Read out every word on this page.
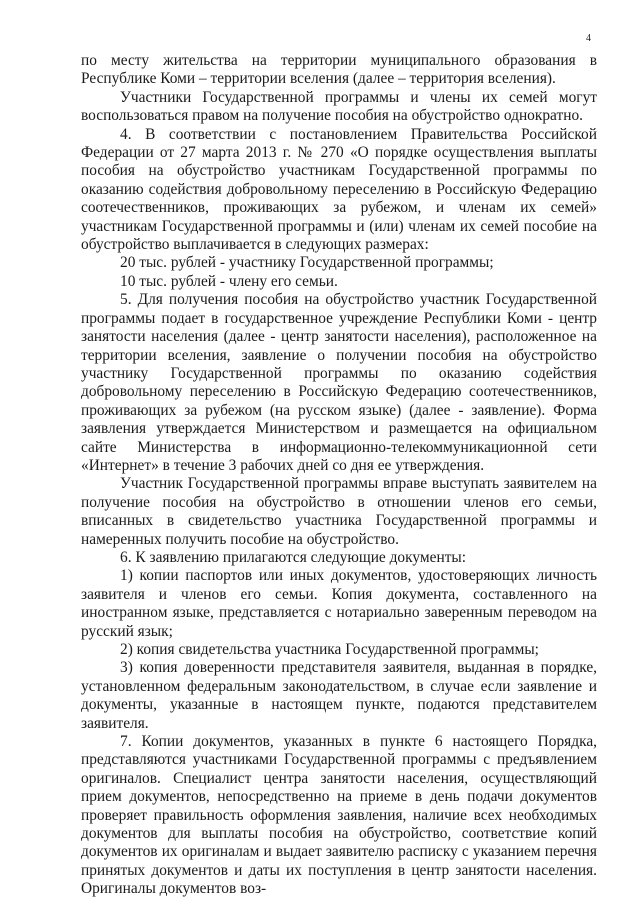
4

по месту жительства на территории муниципального образования в Республике Коми – территории вселения (далее – территория вселения).

Участники Государственной программы и члены их семей могут воспользоваться правом на получение пособия на обустройство однократно.

4. В соответствии с постановлением Правительства Российской Федерации от 27 марта 2013 г. № 270 «О порядке осуществления выплаты пособия на обустройство участникам Государственной программы по оказанию содействия добровольному переселению в Российскую Федерацию соотечественников, проживающих за рубежом, и членам их семей» участникам Государственной программы и (или) членам их семей пособие на обустройство выплачивается в следующих размерах:

20 тыс. рублей - участнику Государственной программы;

10 тыс. рублей - члену его семьи.

5. Для получения пособия на обустройство участник Государственной программы подает в государственное учреждение Республики Коми - центр занятости населения (далее - центр занятости населения), расположенное на территории вселения, заявление о получении пособия на обустройство участнику Государственной программы по оказанию содействия добровольному переселению в Российскую Федерацию соотечественников, проживающих за рубежом (на русском языке) (далее - заявление). Форма заявления утверждается Министерством и размещается на официальном сайте Министерства в информационно-телекоммуникационной сети «Интернет» в течение 3 рабочих дней со дня ее утверждения.

Участник Государственной программы вправе выступать заявителем на получение пособия на обустройство в отношении членов его семьи, вписанных в свидетельство участника Государственной программы и намеренных получить пособие на обустройство.

6. К заявлению прилагаются следующие документы:

1) копии паспортов или иных документов, удостоверяющих личность заявителя и членов его семьи. Копия документа, составленного на иностранном языке, представляется с нотариально заверенным переводом на русский язык;

2) копия свидетельства участника Государственной программы;

3) копия доверенности представителя заявителя, выданная в порядке, установленном федеральным законодательством, в случае если заявление и документы, указанные в настоящем пункте, подаются представителем заявителя.

7. Копии документов, указанных в пункте 6 настоящего Порядка, представляются участниками Государственной программы с предъявлением оригиналов. Специалист центра занятости населения, осуществляющий прием документов, непосредственно на приеме в день подачи документов проверяет правильность оформления заявления, наличие всех необходимых документов для выплаты пособия на обустройство, соответствие копий документов их оригиналам и выдает заявителю расписку с указанием перечня принятых документов и даты их поступления в центр занятости населения. Оригиналы документов воз-
